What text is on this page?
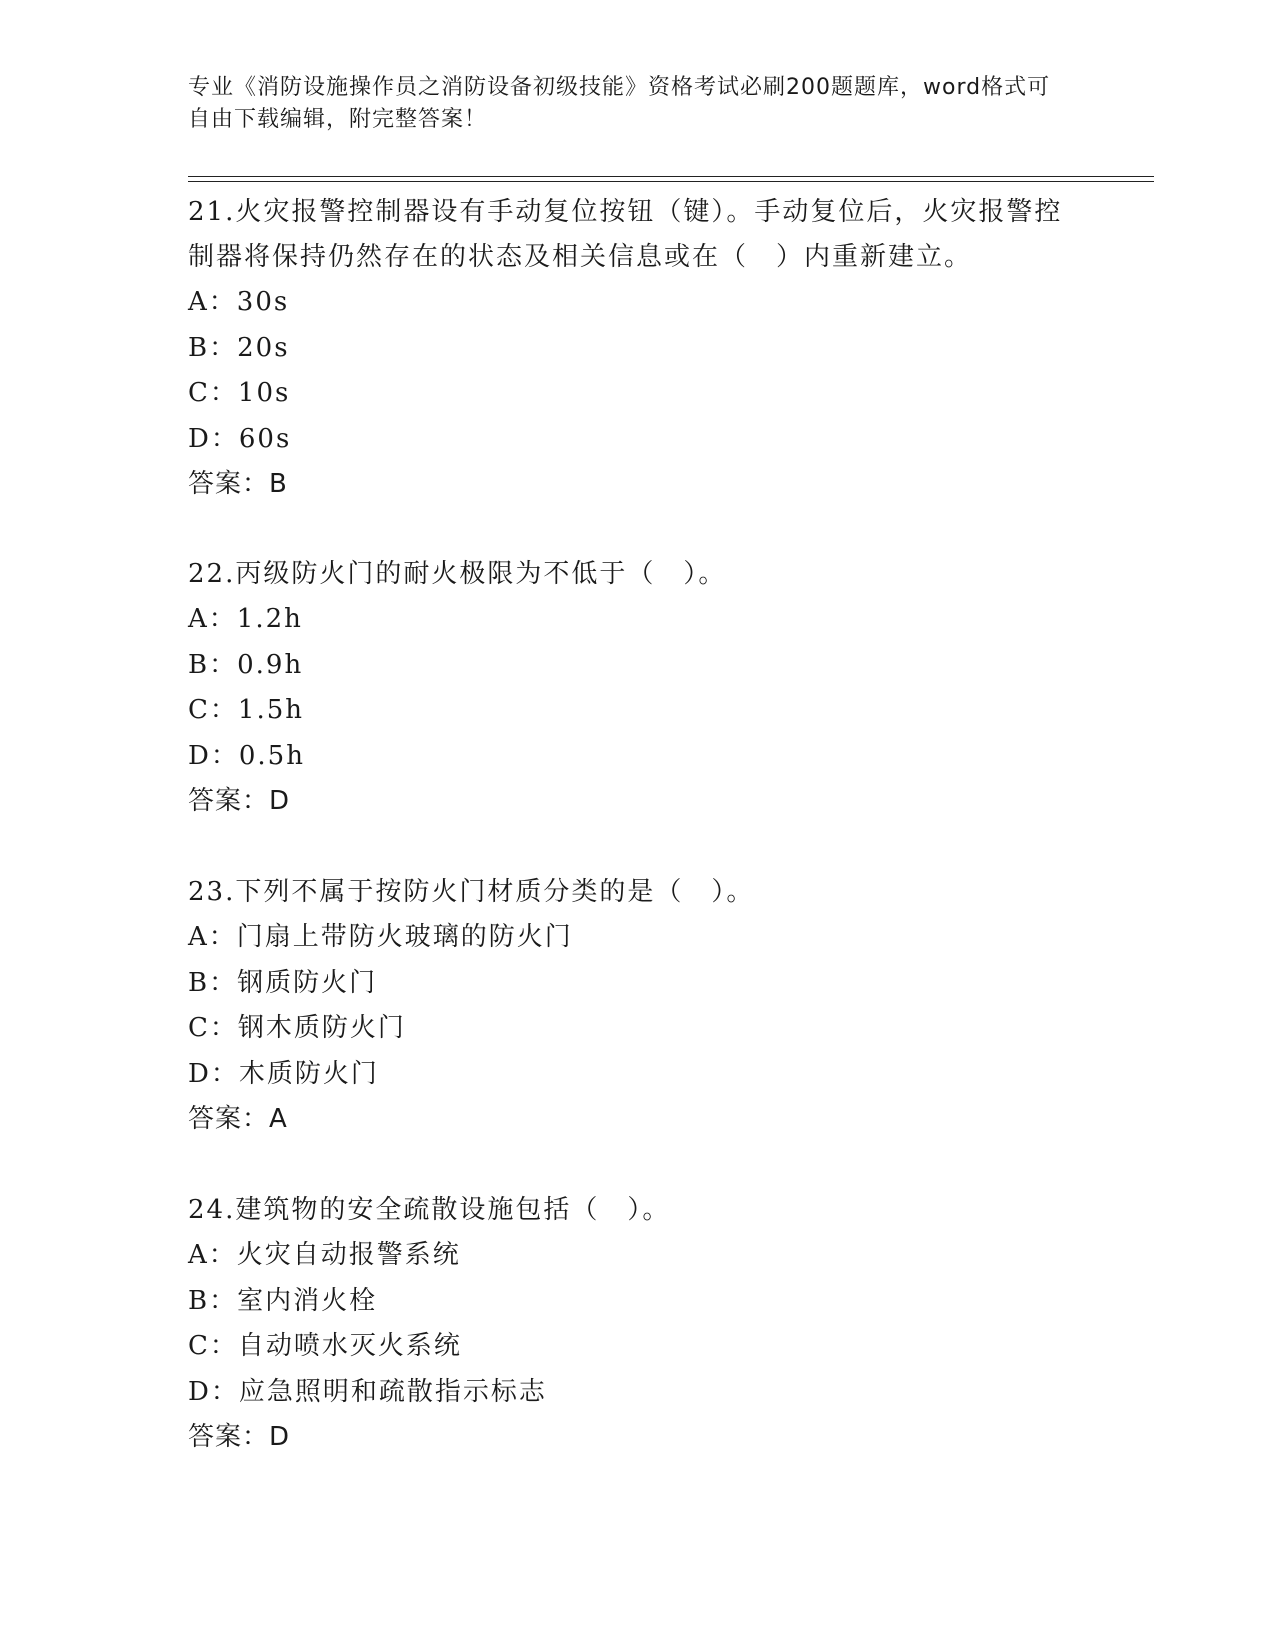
专业《消防设施操作员之消防设备初级技能》资格考试必刷200题题库，word格式可自由下载编辑，附完整答案！

21.火灾报警控制器设有手动复位按钮（键）。手动复位后，火灾报警控制器将保持仍然存在的状态及相关信息或在（　）内重新建立。

A：30s

B：20s

C：10s

D：60s

答案：B

22.丙级防火门的耐火极限为不低于（　）。

A：1.2h

B：0.9h

C：1.5h

D：0.5h

答案：D

23.下列不属于按防火门材质分类的是（　）。

A：门扇上带防火玻璃的防火门

B：钢质防火门

C：钢木质防火门

D：木质防火门

答案：A

24.建筑物的安全疏散设施包括（　）。

A：火灾自动报警系统

B：室内消火栓

C：自动喷水灭火系统

D：应急照明和疏散指示标志

答案：D
